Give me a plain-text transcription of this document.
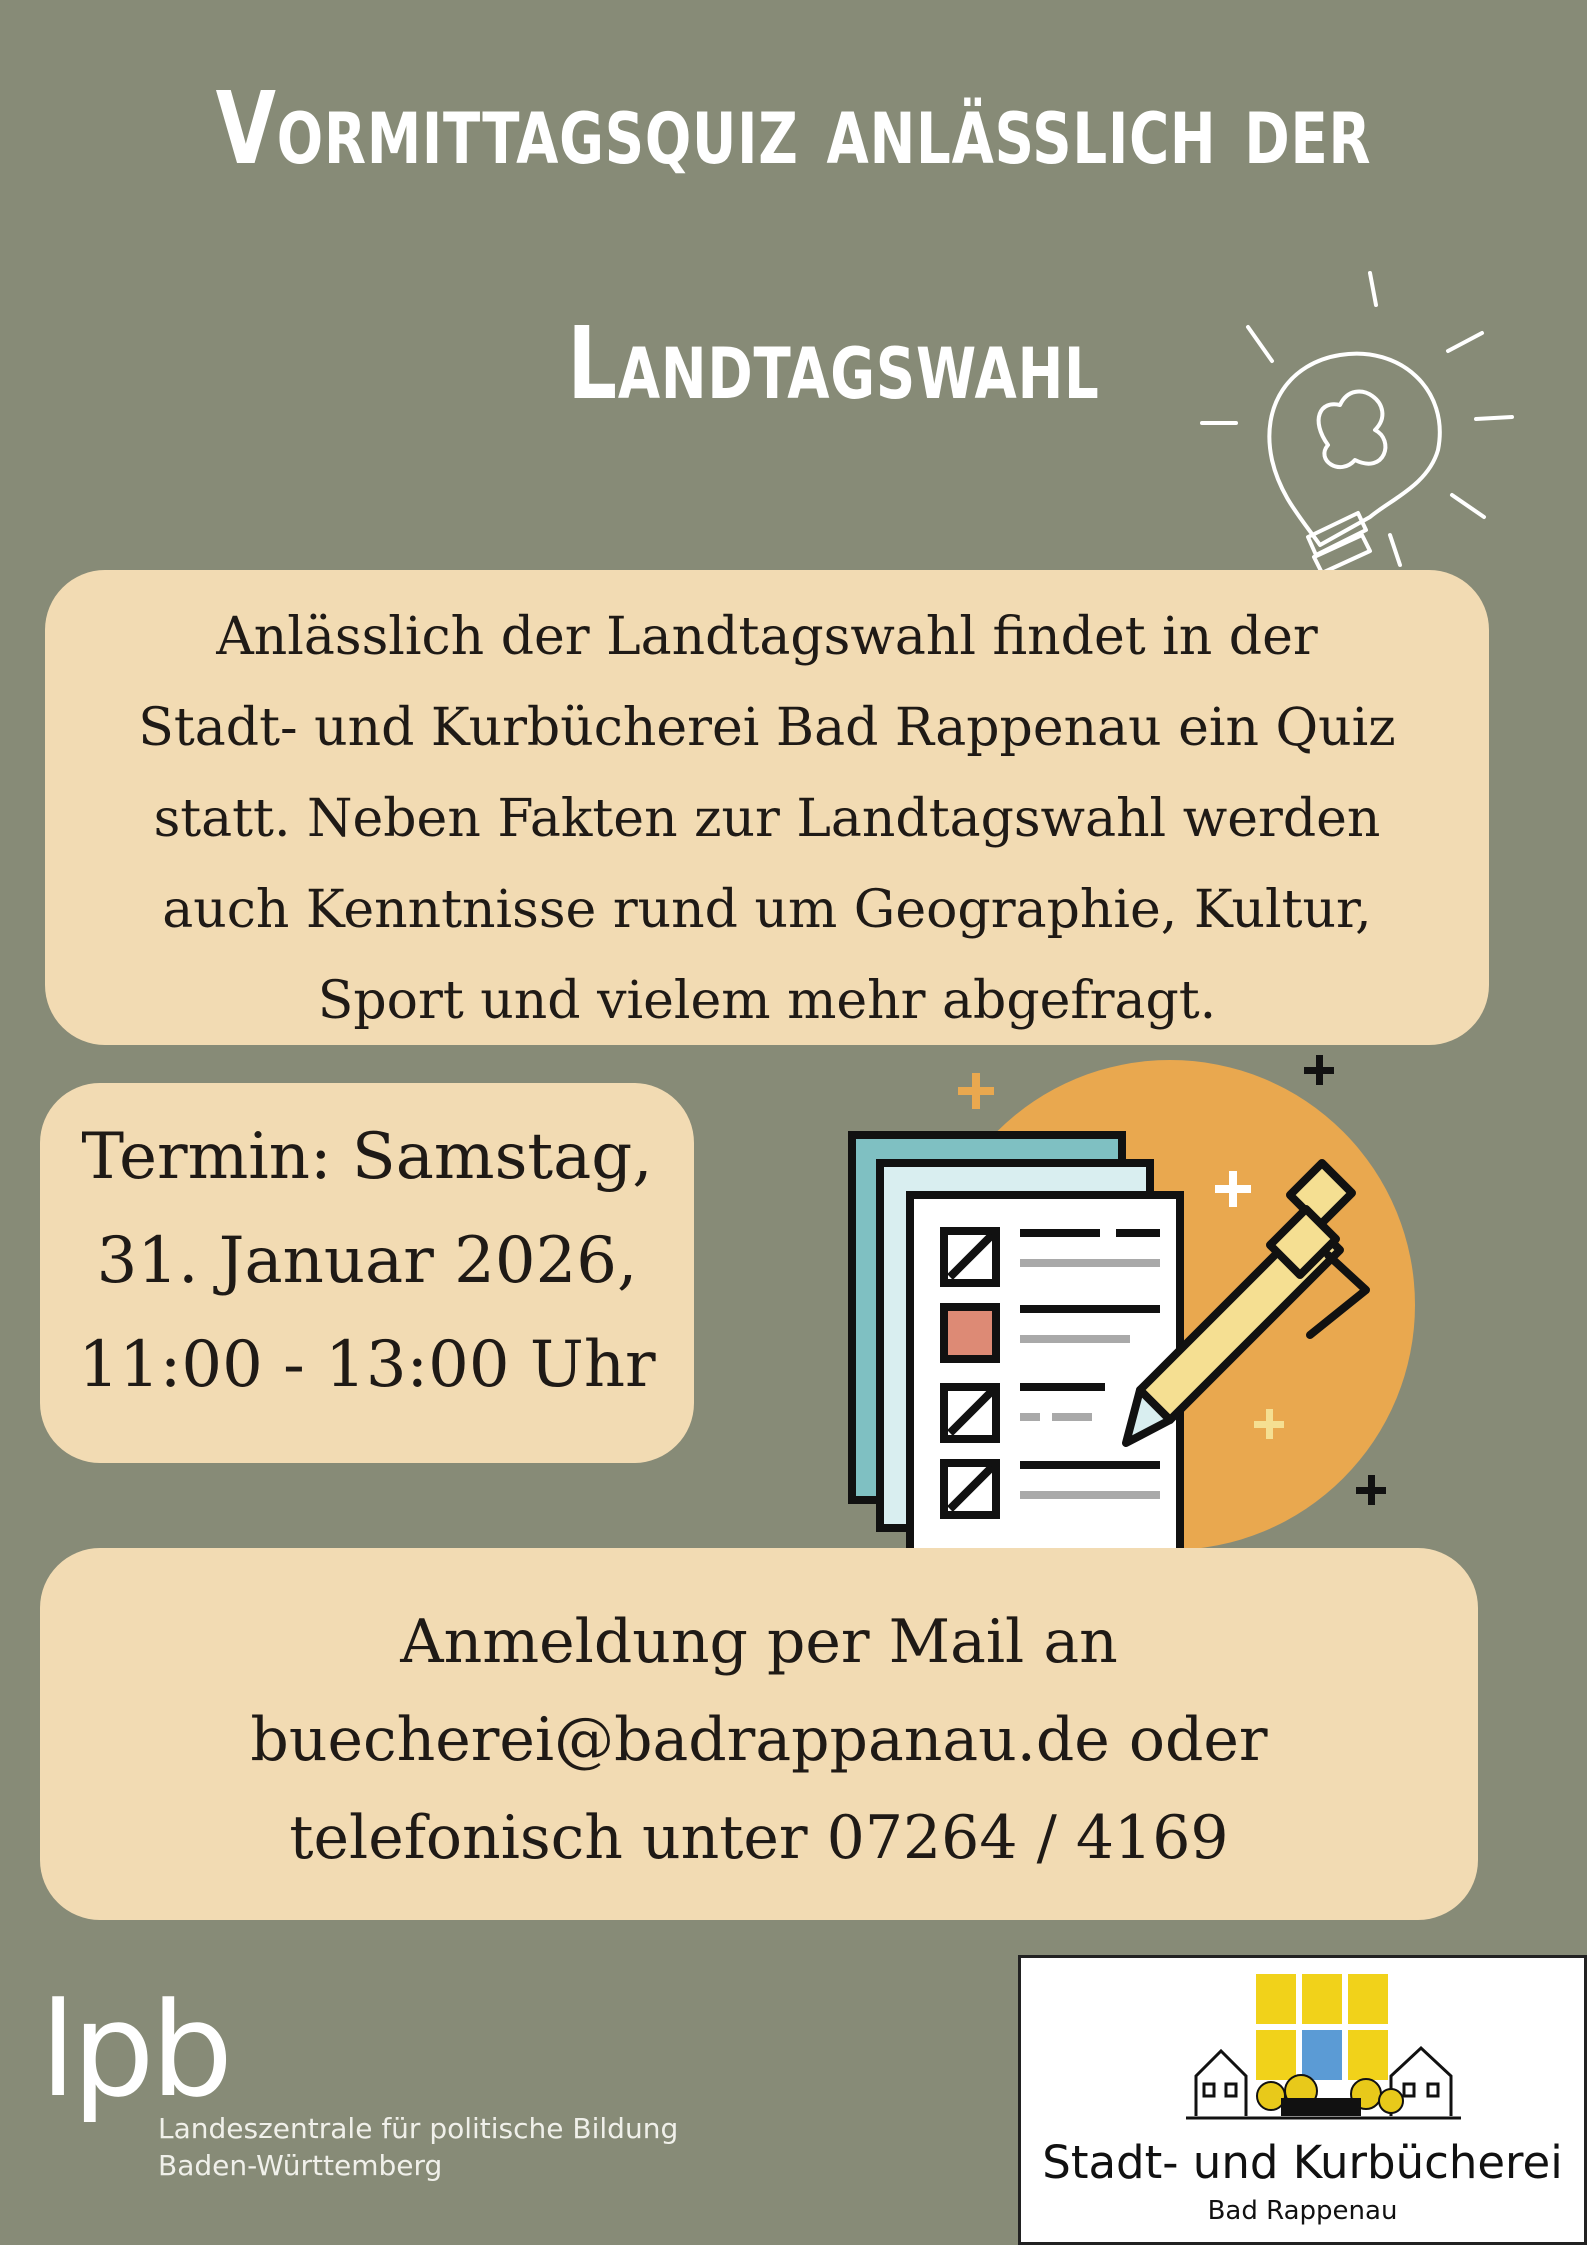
Vormittagsquiz anlässlich der
Landtagswahl

Anlässlich der Landtagswahl findet in der
Stadt- und Kurbücherei Bad Rappenau ein Quiz
statt. Neben Fakten zur Landtagswahl werden
auch Kenntnisse rund um Geographie, Kultur,
Sport und vielem mehr abgefragt.

Termin: Samstag,
31. Januar 2026,
11:00 - 13:00 Uhr
Anmeldung per Mail an
buecherei@badrappanau.de oder
telefonisch unter 07264 / 4169
lpb
Landeszentrale für politische Bildung
Baden-Württemberg	Stadt- und Kurbücherei
Bad Rappenau
